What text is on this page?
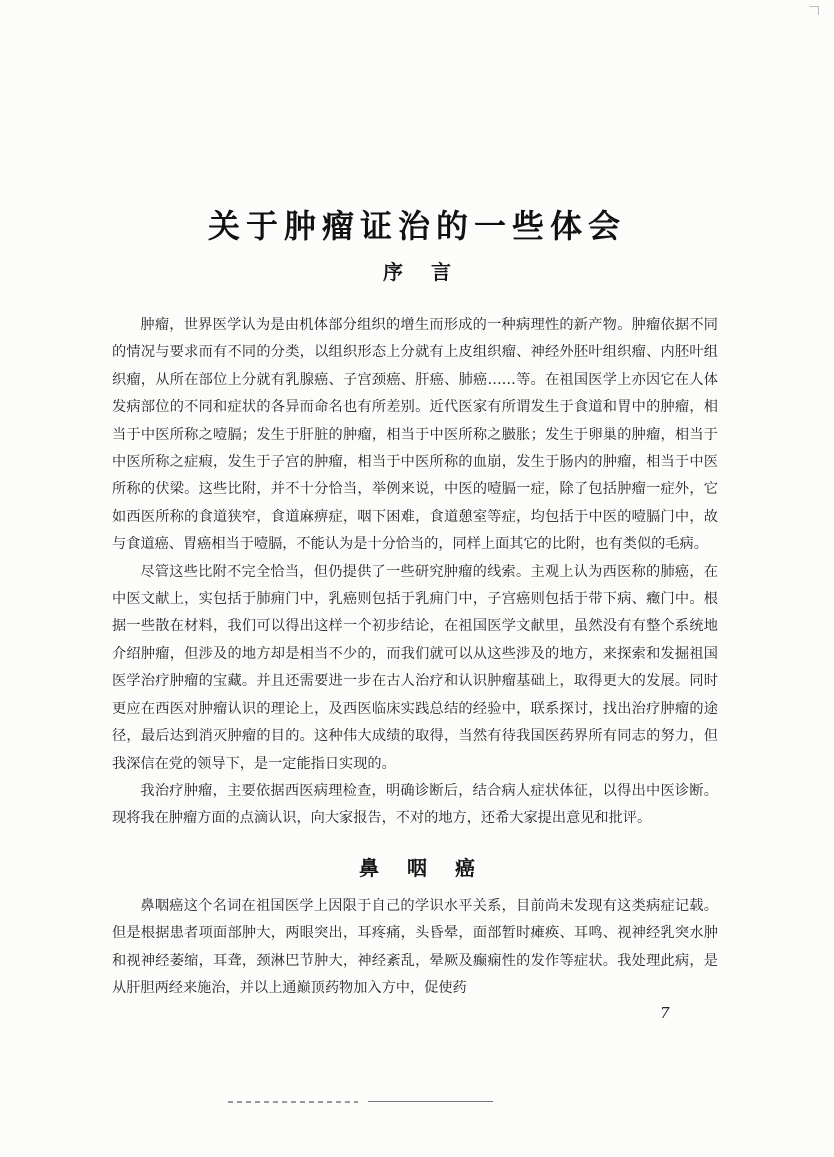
关于肿瘤证治的一些体会
序言

肿瘤，世界医学认为是由机体部分组织的增生而形成的一种病理性的新产物。肿瘤依据不同的情况与要求而有不同的分类，以组织形态上分就有上皮组织瘤、神经外胚叶组织瘤、内胚叶组织瘤，从所在部位上分就有乳腺癌、子宫颈癌、肝癌、肺癌……等。在祖国医学上亦因它在人体发病部位的不同和症状的各异而命名也有所差别。近代医家有所谓发生于食道和胃中的肿瘤，相当于中医所称之噎膈；发生于肝脏的肿瘤，相当于中医所称之臌胀；发生于卵巢的肿瘤，相当于中医所称之症瘕，发生于子宫的肿瘤，相当于中医所称的血崩，发生于肠内的肿瘤，相当于中医所称的伏梁。这些比附，并不十分恰当，举例来说，中医的噎膈一症，除了包括肿瘤一症外，它如西医所称的食道狭窄，食道麻痹症，咽下困难，食道憩室等症，均包括于中医的噎膈门中，故与食道癌、胃癌相当于噎膈，不能认为是十分恰当的，同样上面其它的比附，也有类似的毛病。

尽管这些比附不完全恰当，但仍提供了一些研究肿瘤的线索。主观上认为西医称的肺癌，在中医文献上，实包括于肺痈门中，乳癌则包括于乳痈门中，子宫癌则包括于带下病、癥门中。根据一些散在材料，我们可以得出这样一个初步结论，在祖国医学文献里，虽然没有有整个系统地介绍肿瘤，但涉及的地方却是相当不少的，而我们就可以从这些涉及的地方，来探索和发掘祖国医学治疗肿瘤的宝藏。并且还需要进一步在古人治疗和认识肿瘤基础上，取得更大的发展。同时更应在西医对肿瘤认识的理论上，及西医临床实践总结的经验中，联系探讨，找出治疗肿瘤的途径，最后达到消灭肿瘤的目的。这种伟大成绩的取得，当然有待我国医药界所有同志的努力，但我深信在党的领导下，是一定能指日实现的。

我治疗肿瘤，主要依据西医病理检查，明确诊断后，结合病人症状体征，以得出中医诊断。现将我在肿瘤方面的点滴认识，向大家报告，不对的地方，还希大家提出意见和批评。

鼻咽癌

鼻咽癌这个名词在祖国医学上因限于自己的学识水平关系，目前尚未发现有这类病症记载。但是根据患者项面部肿大，两眼突出，耳疼痛，头昏晕，面部暂时瘫痪、耳鸣、视神经乳突水肿和视神经萎缩，耳聋，颈淋巴节肿大，神经紊乱，晕厥及癫痫性的发作等症状。我处理此病，是从肝胆两经来施治，并以上通巅顶药物加入方中，促使药

7
